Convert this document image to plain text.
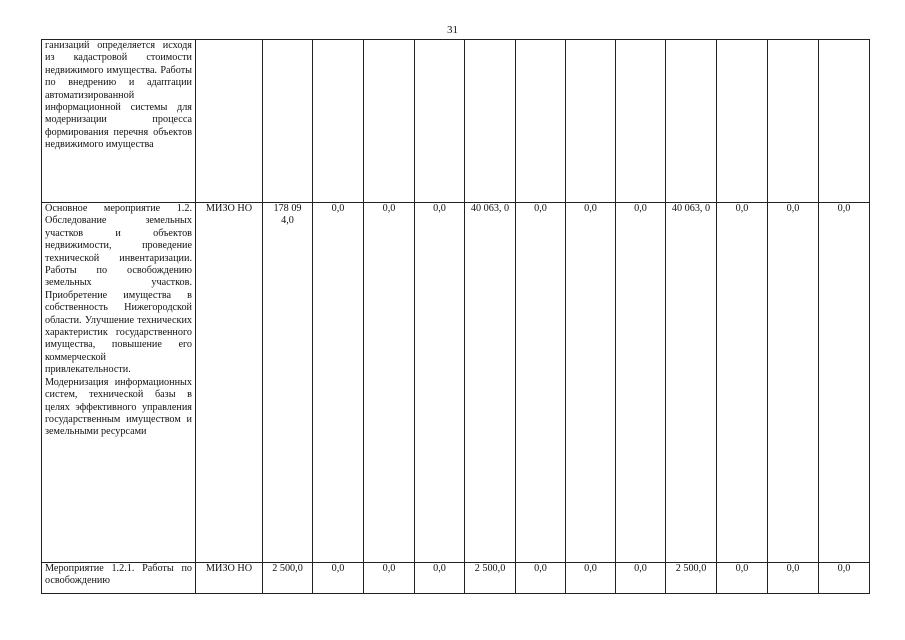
31
ганизаций определяется исходя из кадастровой стоимости недвижимого имущества. Работы по внедрению и адаптации автоматизированной информационной системы для модернизации процесса формирования перечня объектов недвижимого имущества													
Основное мероприятие 1.2. Обследование земельных участков и объектов недвижимости, проведение технической инвентаризации. Работы по освобождению земельных участков. Приобретение имущества в собственность Нижегородской области. Улучшение технических характеристик государственного имущества, повышение его коммерческой привлекательности. Модернизация информационных систем, технической базы в целях эффективного управления государственным имуществом и земельными ресурсами	МИЗО НО	178 09 4,0	0,0	0,0	0,0	40 063, 0	0,0	0,0	0,0	40 063, 0	0,0	0,0	0,0
Мероприятие 1.2.1. Работы по освобождению	МИЗО НО	2 500,0	0,0	0,0	0,0	2 500,0	0,0	0,0	0,0	2 500,0	0,0	0,0	0,0
